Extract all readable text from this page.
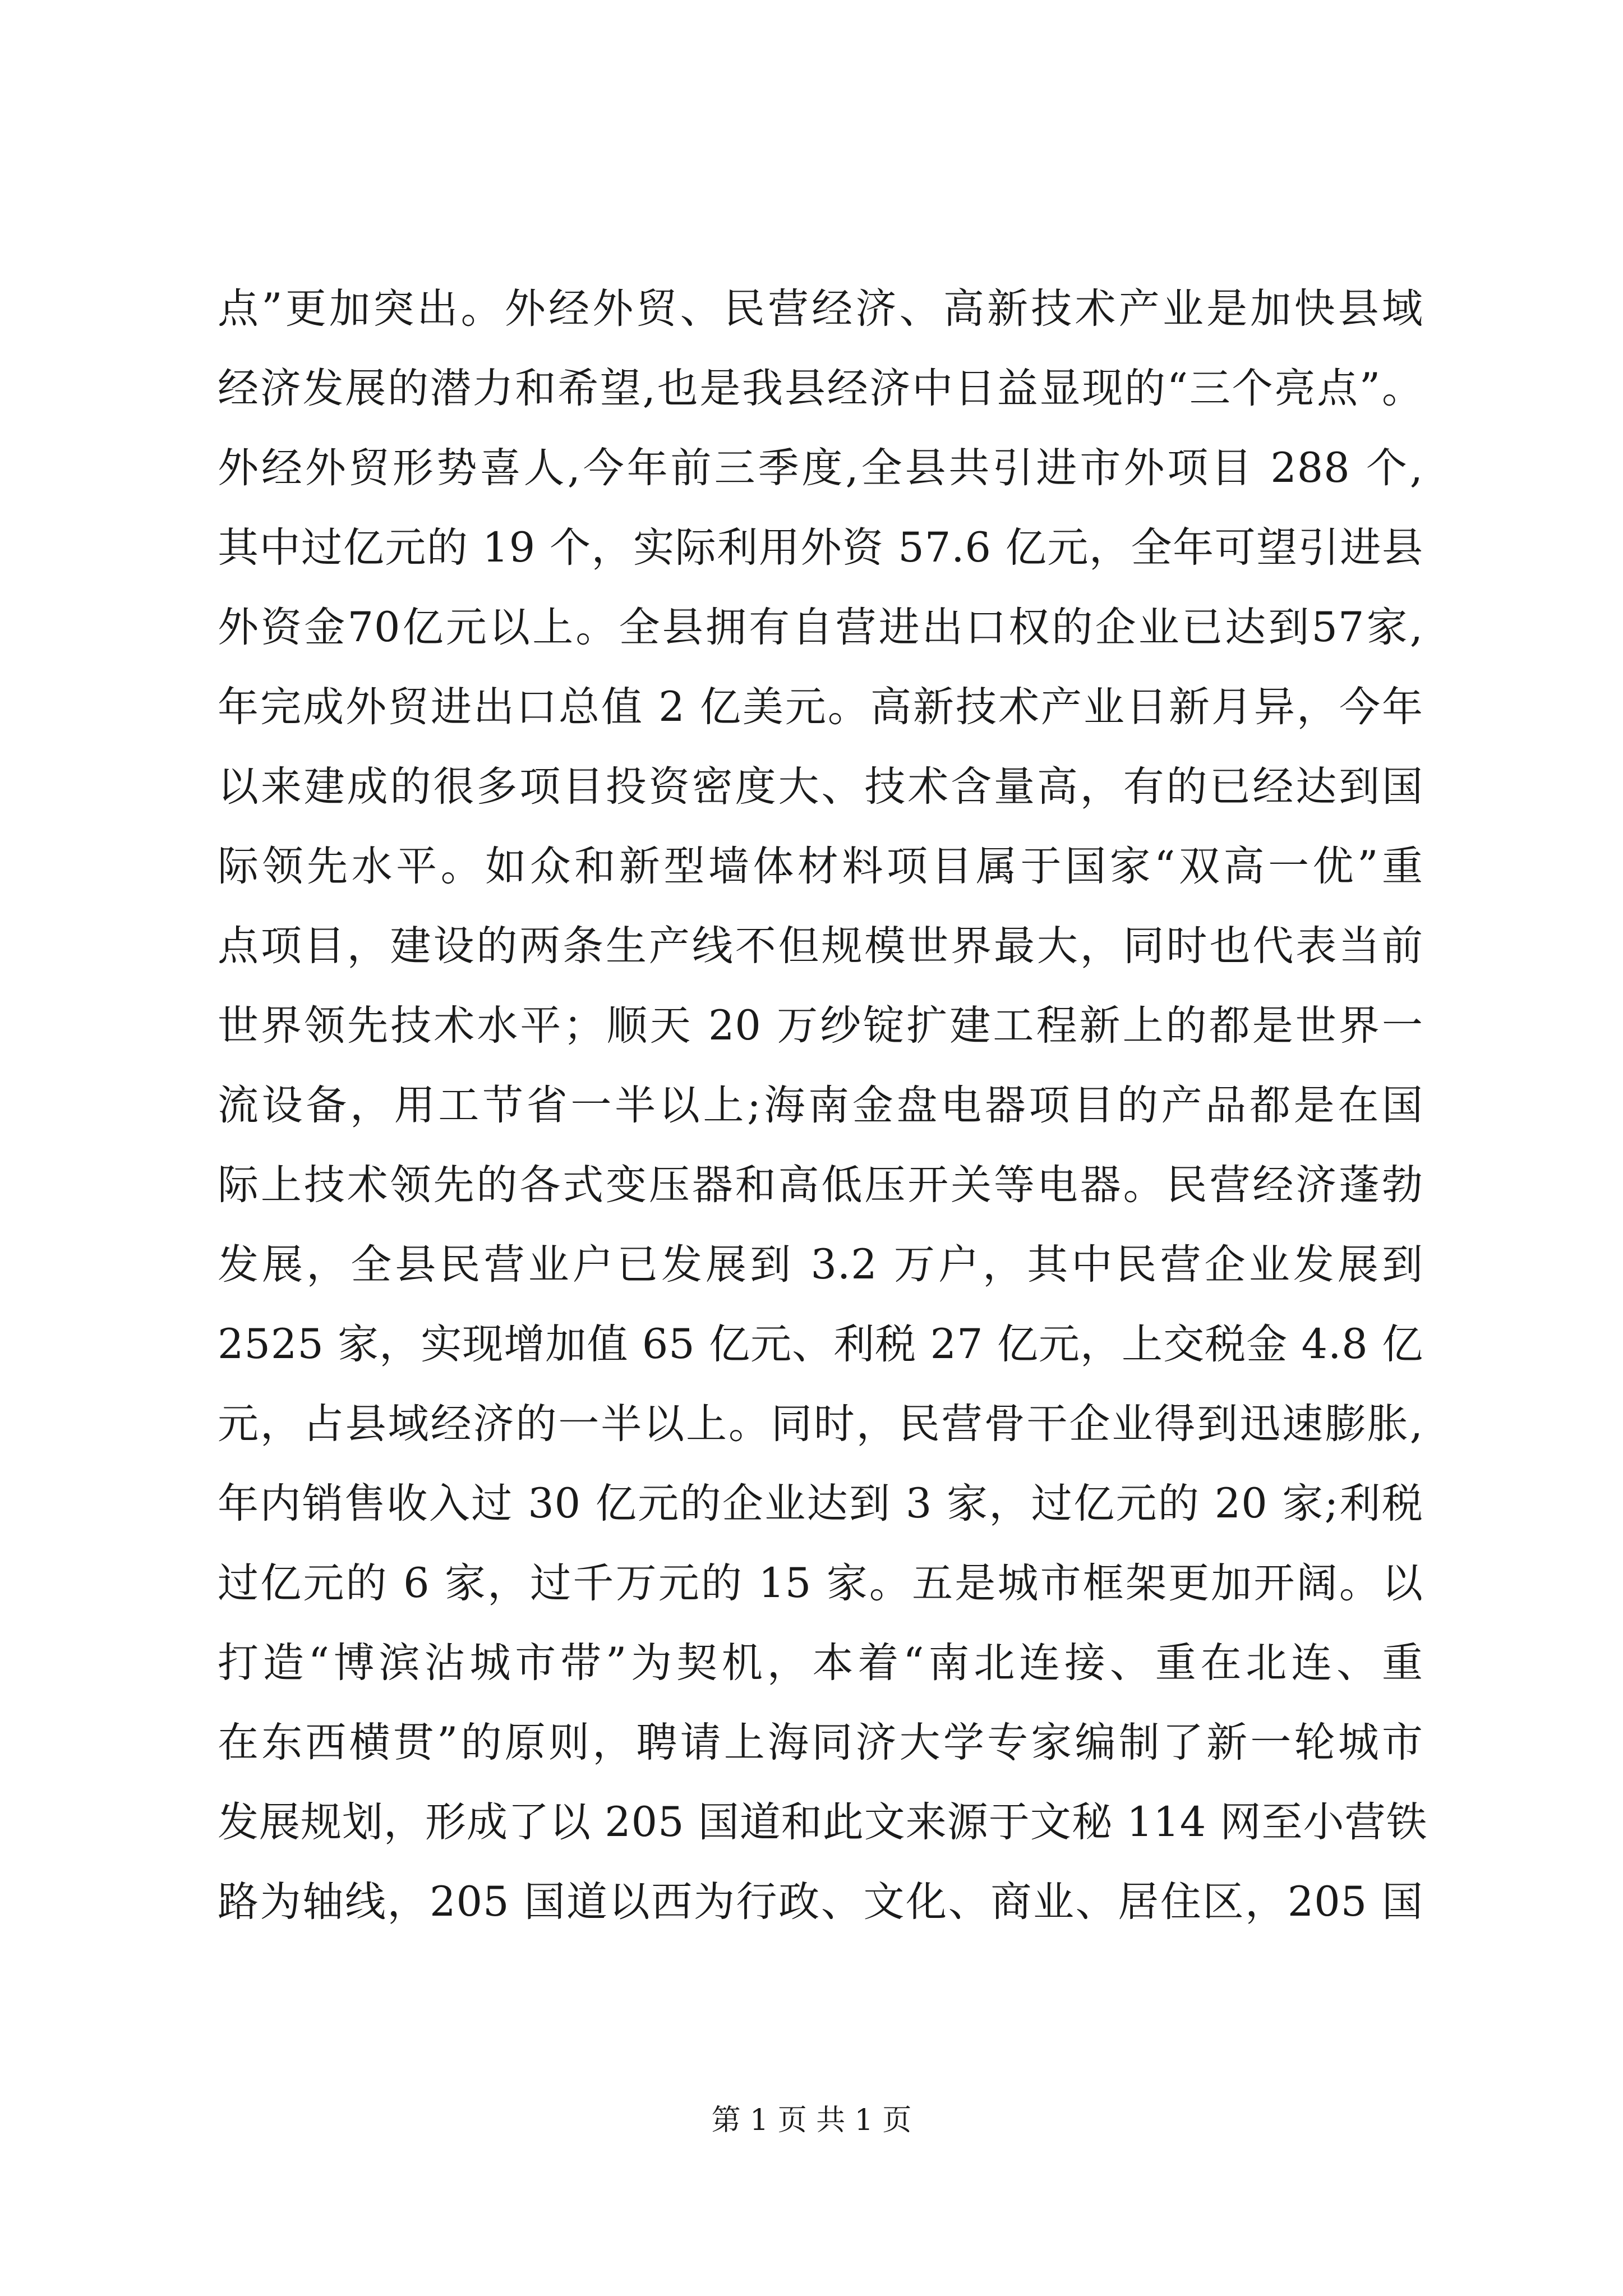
点”更加突出。外经外贸、民营经济、高新技术产业是加快县域
经济发展的潜力和希望,也是我县经济中日益显现的“三个亮点”。
外经外贸形势喜人,今年前三季度,全县共引进市外项目 288 个,
其中过亿元的 19 个，实际利用外资 57.6 亿元，全年可望引进县
外资金70亿元以上。全县拥有自营进出口权的企业已达到57家,
年完成外贸进出口总值 2 亿美元。高新技术产业日新月异，今年
以来建成的很多项目投资密度大、技术含量高，有的已经达到国
际领先水平。如众和新型墙体材料项目属于国家“双高一优”重
点项目，建设的两条生产线不但规模世界最大，同时也代表当前
世界领先技术水平；顺天 20 万纱锭扩建工程新上的都是世界一
流设备，用工节省一半以上;海南金盘电器项目的产品都是在国
际上技术领先的各式变压器和高低压开关等电器。民营经济蓬勃
发展，全县民营业户已发展到 3.2 万户，其中民营企业发展到
2525 家，实现增加值 65 亿元、利税 27 亿元，上交税金 4.8 亿
元，占县域经济的一半以上。同时，民营骨干企业得到迅速膨胀,
年内销售收入过 30 亿元的企业达到 3 家，过亿元的 20 家;利税
过亿元的 6 家，过千万元的 15 家。五是城市框架更加开阔。以
打造“博滨沾城市带”为契机，本着“南北连接、重在北连、重
在东西横贯”的原则，聘请上海同济大学专家编制了新一轮城市
发展规划，形成了以 205 国道和此文来源于文秘 114 网至小营铁
路为轴线，205 国道以西为行政、文化、商业、居住区，205 国
第 1 页 共 1 页
